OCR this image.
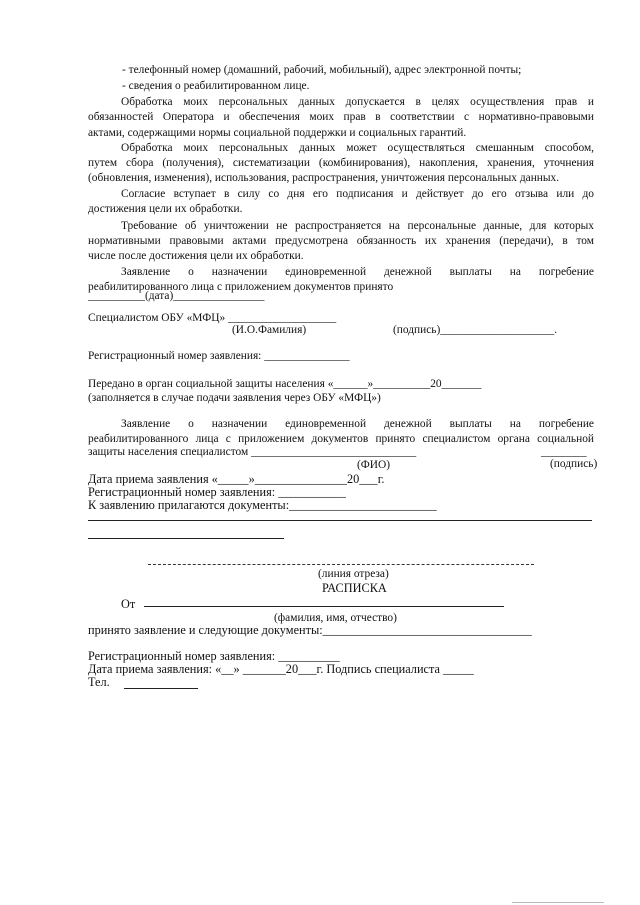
- телефонный номер (домашний, рабочий, мобильный), адрес электронной почты;
- сведения о реабилитированном лице.
Обработка моих персональных данных допускается в целях осуществления прав и
обязанностей Оператора и обеспечения моих прав в соответствии с нормативно-правовыми
актами, содержащими нормы социальной поддержки и социальных гарантий.
Обработка моих персональных данных может осуществляться смешанным способом,
путем сбора (получения), систематизации (комбинирования), накопления, хранения, уточнения
(обновления, изменения), использования, распространения, уничтожения персональных данных.
Согласие вступает в силу со дня его подписания и действует до его отзыва или до
достижения цели их обработки.
Требование об уничтожении не распространяется на персональные данные, для которых
нормативными правовыми актами предусмотрена обязанность их хранения (передачи), в том
числе после достижения цели их обработки.
Заявление о назначении единовременной денежной выплаты на погребение
реабилитированного лица с приложением документов принято
__________(дата)________________
Специалистом ОБУ «МФЦ» ___________________
(И.О.Фамилия)	(подпись)____________________.
Регистрационный номер заявления: _______________
Передано в орган социальной защиты населения «______»__________20_______
(заполняется в случае подачи заявления через ОБУ «МФЦ»)
Заявление о назначении единовременной денежной выплаты на погребение
реабилитированного лица с приложением документов принято специалистом органа социальной
защиты населения специалистом _____________________________	________
(ФИО)	(подпись)
Дата приема заявления «_____»_______________20___г.
Регистрационный номер заявления: ___________
К заявлению прилагаются документы:________________________
(линия отреза)
РАСПИСКА
От
(фамилия, имя, отчество)
принято заявление и следующие документы:__________________________________
Регистрационный номер заявления: __________
Дата приема заявления: «__» _______20___г. Подпись специалиста _____
Тел.
